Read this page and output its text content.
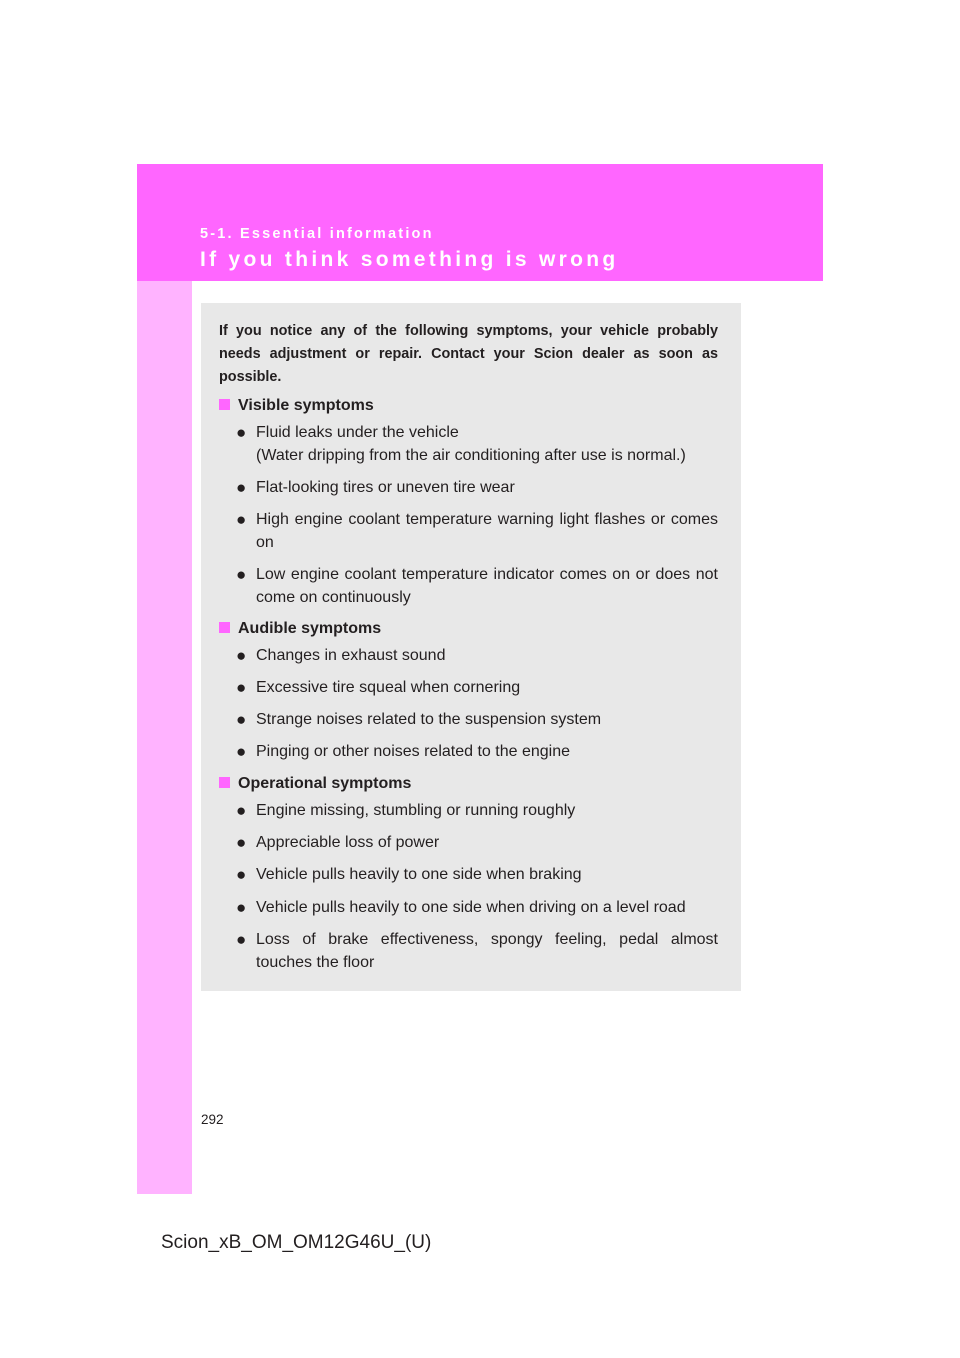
5-1. Essential information
If you think something is wrong
If you notice any of the following symptoms, your vehicle probably needs adjustment or repair. Contact your Scion dealer as soon as possible.
Visible symptoms
● Fluid leaks under the vehicle
(Water dripping from the air conditioning after use is normal.)
● Flat-looking tires or uneven tire wear
● High engine coolant temperature warning light flashes or comes on
● Low engine coolant temperature indicator comes on or does not come on continuously
Audible symptoms
● Changes in exhaust sound
● Excessive tire squeal when cornering
● Strange noises related to the suspension system
● Pinging or other noises related to the engine
Operational symptoms
● Engine missing, stumbling or running roughly
● Appreciable loss of power
● Vehicle pulls heavily to one side when braking
● Vehicle pulls heavily to one side when driving on a level road
● Loss of brake effectiveness, spongy feeling, pedal almost touches the floor
292
Scion_xB_OM_OM12G46U_(U)
